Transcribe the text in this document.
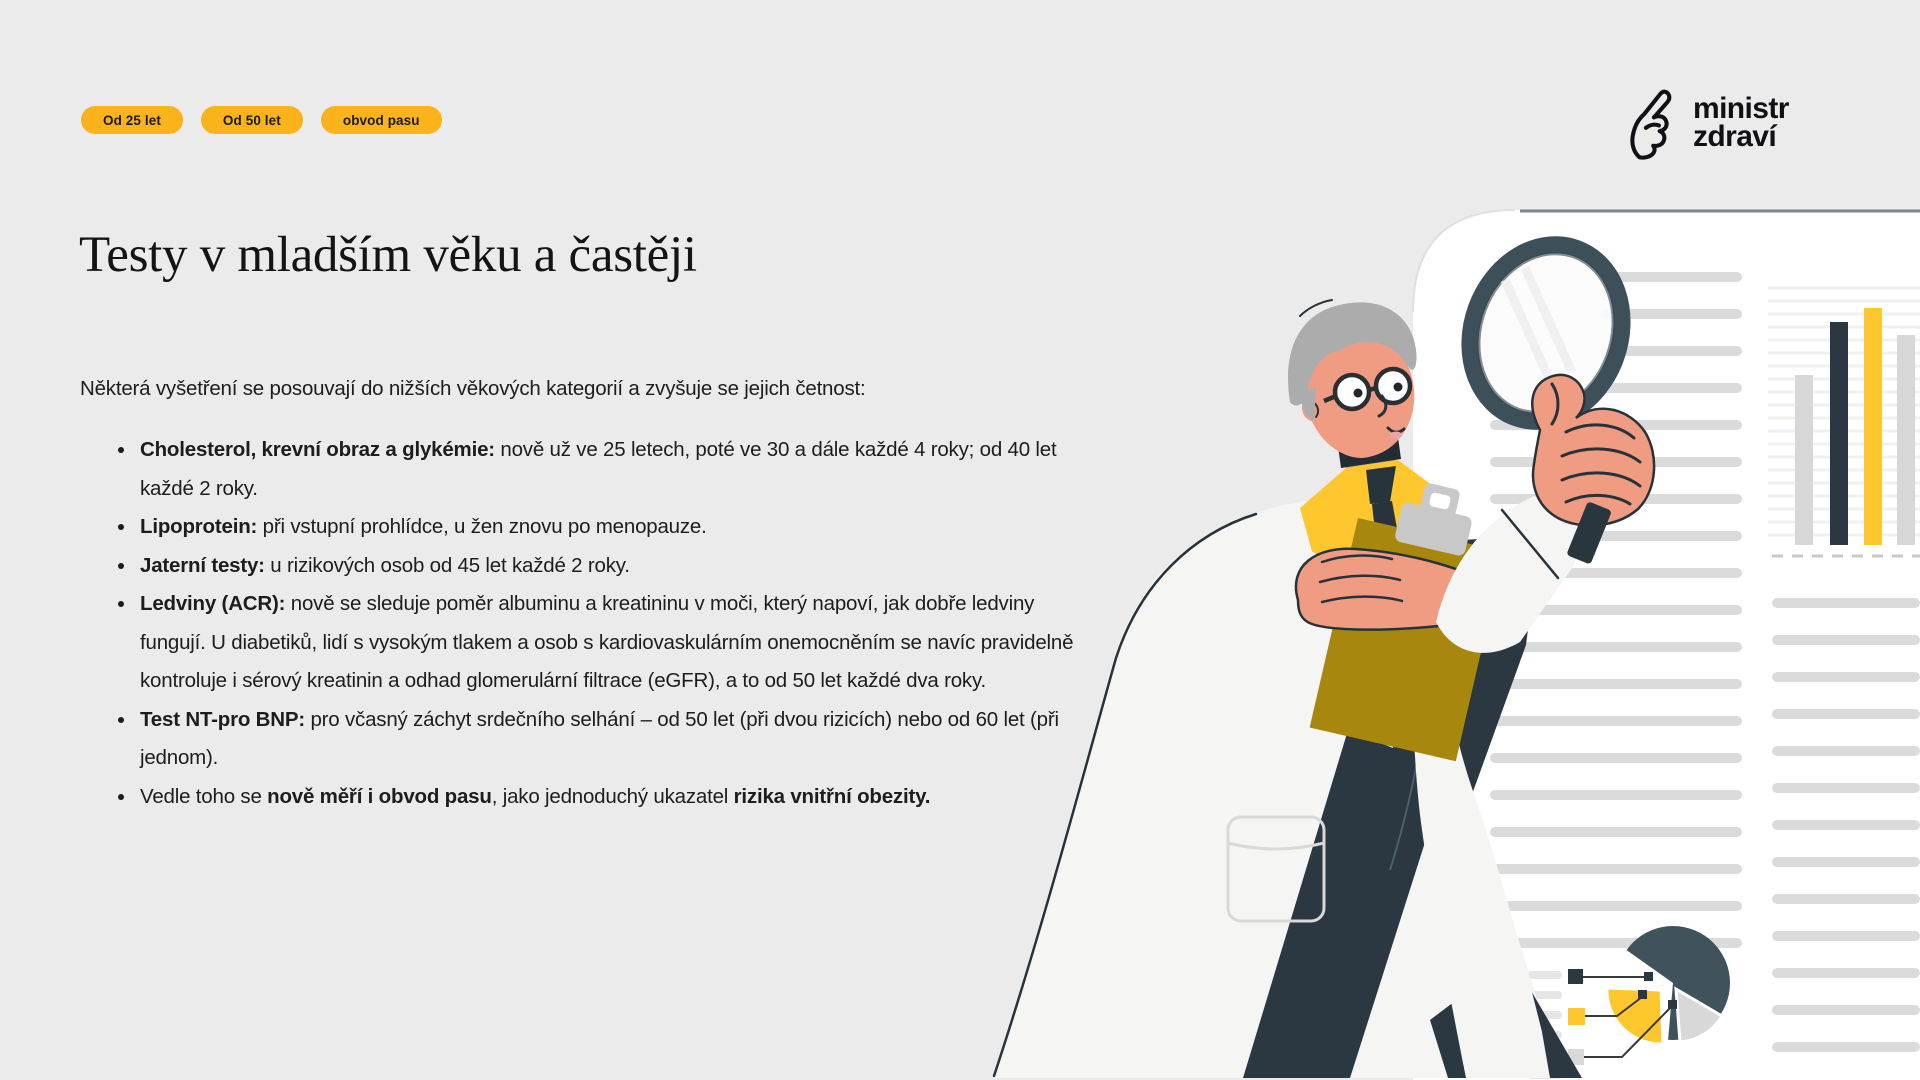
Od 25 let	Od 50 let	obvod pasu	ministr
zdraví
Testy v mladším věku a častěji

Některá vyšetření se posouvají do nižších věkových kategorií a zvyšuje se jejich četnost:

Cholesterol, krevní obraz a glykémie: nově už ve 25 letech, poté ve 30 a dále každé 4 roky; od 40 let každé 2 roky.
Lipoprotein: při vstupní prohlídce, u žen znovu po menopauze.
Jaterní testy: u rizikových osob od 45 let každé 2 roky.
Ledviny (ACR): nově se sleduje poměr albuminu a kreatininu v moči, který napoví, jak dobře ledviny fungují. U diabetiků, lidí s vysokým tlakem a osob s kardiovaskulárním onemocněním se navíc pravidelně kontroluje i sérový kreatinin a odhad glomerulární filtrace (eGFR), a to od 50 let každé dva roky.
Test NT-pro BNP: pro včasný záchyt srdečního selhání – od 50 let (při dvou rizicích) nebo od 60 let (při jednom).
Vedle toho se nově měří i obvod pasu, jako jednoduchý ukazatel rizika vnitřní obezity.
